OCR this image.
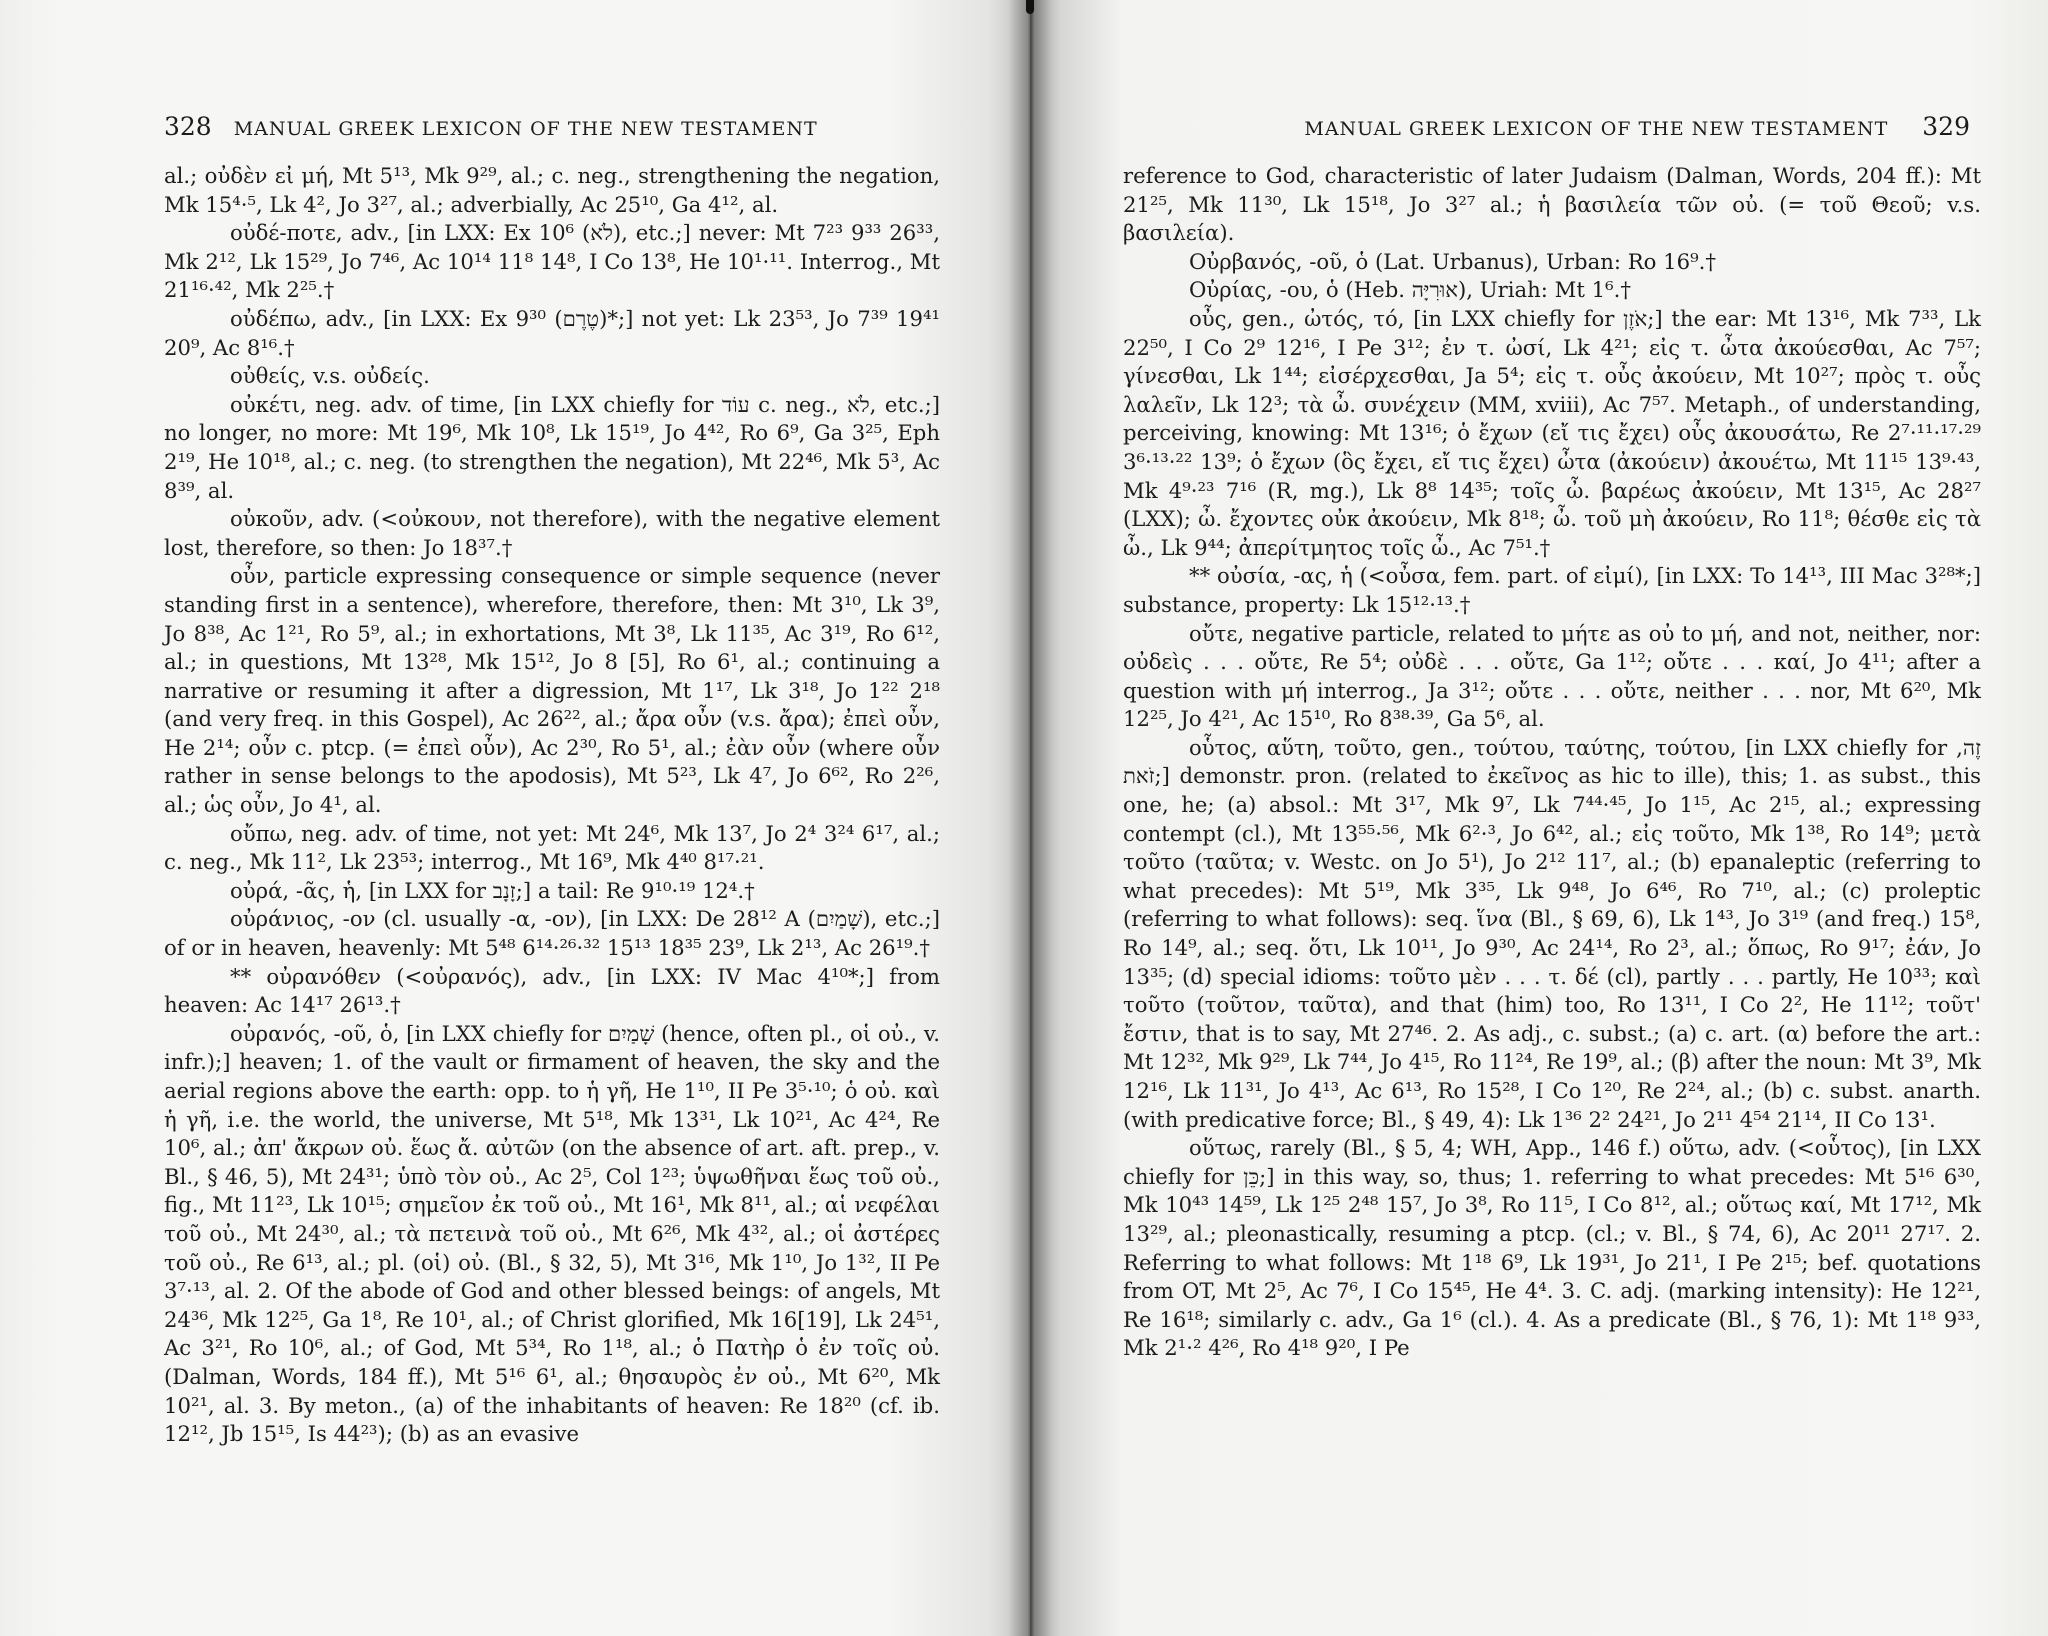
328 MANUAL GREEK LEXICON OF THE NEW TESTAMENT

al.; οὐδὲν εἰ μή, Mt 5¹³, Mk 9²⁹, al.; c. neg., strengthening the negation, Mk 15⁴·⁵, Lk 4², Jo 3²⁷, al.; adverbially, Ac 25¹⁰, Ga 4¹², al.

οὐδέ-ποτε, adv., [in LXX: Ex 10⁶ (לֹא), etc.;] never: Mt 7²³ 9³³ 26³³, Mk 2¹², Lk 15²⁹, Jo 7⁴⁶, Ac 10¹⁴ 11⁸ 14⁸, I Co 13⁸, He 10¹·¹¹. Interrog., Mt 21¹⁶·⁴², Mk 2²⁵.†

οὐδέπω, adv., [in LXX: Ex 9³⁰ (טֶרֶם)*;] not yet: Lk 23⁵³, Jo 7³⁹ 19⁴¹ 20⁹, Ac 8¹⁶.†

οὐθείς, v.s. οὐδείς.

οὐκέτι, neg. adv. of time, [in LXX chiefly for עוֹד c. neg., לֹא, etc.;] no longer, no more: Mt 19⁶, Mk 10⁸, Lk 15¹⁹, Jo 4⁴², Ro 6⁹, Ga 3²⁵, Eph 2¹⁹, He 10¹⁸, al.; c. neg. (to strengthen the negation), Mt 22⁴⁶, Mk 5³, Ac 8³⁹, al.

οὐκοῦν, adv. (<οὐκουν, not therefore), with the negative element lost, therefore, so then: Jo 18³⁷.†

οὖν, particle expressing consequence or simple sequence (never standing first in a sentence), wherefore, therefore, then: Mt 3¹⁰, Lk 3⁹, Jo 8³⁸, Ac 1²¹, Ro 5⁹, al.; in exhortations, Mt 3⁸, Lk 11³⁵, Ac 3¹⁹, Ro 6¹², al.; in questions, Mt 13²⁸, Mk 15¹², Jo 8 [5], Ro 6¹, al.; continuing a narrative or resuming it after a digression, Mt 1¹⁷, Lk 3¹⁸, Jo 1²² 2¹⁸ (and very freq. in this Gospel), Ac 26²², al.; ἄρα οὖν (v.s. ἄρα); ἐπεὶ οὖν, He 2¹⁴; οὖν c. ptcp. (= ἐπεὶ οὖν), Ac 2³⁰, Ro 5¹, al.; ἐὰν οὖν (where οὖν rather in sense belongs to the apodosis), Mt 5²³, Lk 4⁷, Jo 6⁶², Ro 2²⁶, al.; ὡς οὖν, Jo 4¹, al.

οὔπω, neg. adv. of time, not yet: Mt 24⁶, Mk 13⁷, Jo 2⁴ 3²⁴ 6¹⁷, al.; c. neg., Mk 11², Lk 23⁵³; interrog., Mt 16⁹, Mk 4⁴⁰ 8¹⁷·²¹.

οὐρά, -ᾶς, ἡ, [in LXX for זָנָב;] a tail: Re 9¹⁰·¹⁹ 12⁴.†

οὐράνιος, -ον (cl. usually -α, -ον), [in LXX: De 28¹² A (שָׁמַיִם), etc.;] of or in heaven, heavenly: Mt 5⁴⁸ 6¹⁴·²⁶·³² 15¹³ 18³⁵ 23⁹, Lk 2¹³, Ac 26¹⁹.†

** οὐρανόθεν (<οὐρανός), adv., [in LXX: IV Mac 4¹⁰*;] from heaven: Ac 14¹⁷ 26¹³.†

οὐρανός, -οῦ, ὁ, [in LXX chiefly for שָׁמַיִם (hence, often pl., οἱ οὐ., v. infr.);] heaven; 1. of the vault or firmament of heaven, the sky and the aerial regions above the earth: opp. to ἡ γῆ, He 1¹⁰, II Pe 3⁵·¹⁰; ὁ οὐ. καὶ ἡ γῆ, i.e. the world, the universe, Mt 5¹⁸, Mk 13³¹, Lk 10²¹, Ac 4²⁴, Re 10⁶, al.; ἀπ' ἄκρων οὐ. ἕως ἄ. αὐτῶν (on the absence of art. aft. prep., v. Bl., § 46, 5), Mt 24³¹; ὑπὸ τὸν οὐ., Ac 2⁵, Col 1²³; ὑψωθῆναι ἕως τοῦ οὐ., fig., Mt 11²³, Lk 10¹⁵; σημεῖον ἐκ τοῦ οὐ., Mt 16¹, Mk 8¹¹, al.; αἱ νεφέλαι τοῦ οὐ., Mt 24³⁰, al.; τὰ πετεινὰ τοῦ οὐ., Mt 6²⁶, Mk 4³², al.; οἱ ἀστέρες τοῦ οὐ., Re 6¹³, al.; pl. (οἱ) οὐ. (Bl., § 32, 5), Mt 3¹⁶, Mk 1¹⁰, Jo 1³², II Pe 3⁷·¹³, al. 2. Of the abode of God and other blessed beings: of angels, Mt 24³⁶, Mk 12²⁵, Ga 1⁸, Re 10¹, al.; of Christ glorified, Mk 16[19], Lk 24⁵¹, Ac 3²¹, Ro 10⁶, al.; of God, Mt 5³⁴, Ro 1¹⁸, al.; ὁ Πατὴρ ὁ ἐν τοῖς οὐ. (Dalman, Words, 184 ff.), Mt 5¹⁶ 6¹, al.; θησαυρὸς ἐν οὐ., Mt 6²⁰, Mk 10²¹, al. 3. By meton., (a) of the inhabitants of heaven: Re 18²⁰ (cf. ib. 12¹², Jb 15¹⁵, Is 44²³); (b) as an evasive

MANUAL GREEK LEXICON OF THE NEW TESTAMENT 329

reference to God, characteristic of later Judaism (Dalman, Words, 204 ff.): Mt 21²⁵, Mk 11³⁰, Lk 15¹⁸, Jo 3²⁷ al.; ἡ βασιλεία τῶν οὐ. (= τοῦ Θεοῦ; v.s. βασιλεία).

Οὐρβανός, -οῦ, ὁ (Lat. Urbanus), Urban: Ro 16⁹.†

Οὐρίας, -ου, ὁ (Heb. אוּרִיָּה), Uriah: Mt 1⁶.†

οὖς, gen., ὠτός, τό, [in LXX chiefly for אֹזֶן;] the ear: Mt 13¹⁶, Mk 7³³, Lk 22⁵⁰, I Co 2⁹ 12¹⁶, I Pe 3¹²; ἐν τ. ὠσί, Lk 4²¹; εἰς τ. ὦτα ἀκούεσθαι, Ac 7⁵⁷; γίνεσθαι, Lk 1⁴⁴; εἰσέρχεσθαι, Ja 5⁴; εἰς τ. οὖς ἀκούειν, Mt 10²⁷; πρὸς τ. οὖς λαλεῖν, Lk 12³; τὰ ὦ. συνέχειν (MM, xviii), Ac 7⁵⁷. Metaph., of understanding, perceiving, knowing: Mt 13¹⁶; ὁ ἔχων (εἴ τις ἔχει) οὖς ἀκουσάτω, Re 2⁷·¹¹·¹⁷·²⁹ 3⁶·¹³·²² 13⁹; ὁ ἔχων (ὃς ἔχει, εἴ τις ἔχει) ὦτα (ἀκούειν) ἀκουέτω, Mt 11¹⁵ 13⁹·⁴³, Mk 4⁹·²³ 7¹⁶ (R, mg.), Lk 8⁸ 14³⁵; τοῖς ὦ. βαρέως ἀκούειν, Mt 13¹⁵, Ac 28²⁷ (LXX); ὦ. ἔχοντες οὐκ ἀκούειν, Mk 8¹⁸; ὦ. τοῦ μὴ ἀκούειν, Ro 11⁸; θέσθε εἰς τὰ ὦ., Lk 9⁴⁴; ἀπερίτμητος τοῖς ὦ., Ac 7⁵¹.†

** οὐσία, -ας, ἡ (<οὖσα, fem. part. of εἰμί), [in LXX: To 14¹³, III Mac 3²⁸*;] substance, property: Lk 15¹²·¹³.†

οὔτε, negative particle, related to μήτε as οὐ to μή, and not, neither, nor: οὐδεὶς . . . οὔτε, Re 5⁴; οὐδὲ . . . οὔτε, Ga 1¹²; οὔτε . . . καί, Jo 4¹¹; after a question with μή interrog., Ja 3¹²; οὔτε . . . οὔτε, neither . . . nor, Mt 6²⁰, Mk 12²⁵, Jo 4²¹, Ac 15¹⁰, Ro 8³⁸·³⁹, Ga 5⁶, al.

οὗτος, αὕτη, τοῦτο, gen., τούτου, ταύτης, τούτου, [in LXX chiefly for זֶה, זֹאת;] demonstr. pron. (related to ἐκεῖνος as hic to ille), this; 1. as subst., this one, he; (a) absol.: Mt 3¹⁷, Mk 9⁷, Lk 7⁴⁴·⁴⁵, Jo 1¹⁵, Ac 2¹⁵, al.; expressing contempt (cl.), Mt 13⁵⁵·⁵⁶, Mk 6²·³, Jo 6⁴², al.; εἰς τοῦτο, Mk 1³⁸, Ro 14⁹; μετὰ τοῦτο (ταῦτα; v. Westc. on Jo 5¹), Jo 2¹² 11⁷, al.; (b) epanaleptic (referring to what precedes): Mt 5¹⁹, Mk 3³⁵, Lk 9⁴⁸, Jo 6⁴⁶, Ro 7¹⁰, al.; (c) proleptic (referring to what follows): seq. ἵνα (Bl., § 69, 6), Lk 1⁴³, Jo 3¹⁹ (and freq.) 15⁸, Ro 14⁹, al.; seq. ὅτι, Lk 10¹¹, Jo 9³⁰, Ac 24¹⁴, Ro 2³, al.; ὅπως, Ro 9¹⁷; ἐάν, Jo 13³⁵; (d) special idioms: τοῦτο μὲν . . . τ. δέ (cl), partly . . . partly, He 10³³; καὶ τοῦτο (τοῦτον, ταῦτα), and that (him) too, Ro 13¹¹, I Co 2², He 11¹²; τοῦτ' ἔστιν, that is to say, Mt 27⁴⁶. 2. As adj., c. subst.; (a) c. art. (α) before the art.: Mt 12³², Mk 9²⁹, Lk 7⁴⁴, Jo 4¹⁵, Ro 11²⁴, Re 19⁹, al.; (β) after the noun: Mt 3⁹, Mk 12¹⁶, Lk 11³¹, Jo 4¹³, Ac 6¹³, Ro 15²⁸, I Co 1²⁰, Re 2²⁴, al.; (b) c. subst. anarth. (with predicative force; Bl., § 49, 4): Lk 1³⁶ 2² 24²¹, Jo 2¹¹ 4⁵⁴ 21¹⁴, II Co 13¹.

οὕτως, rarely (Bl., § 5, 4; WH, App., 146 f.) οὕτω, adv. (<οὗτος), [in LXX chiefly for כֵּן;] in this way, so, thus; 1. referring to what precedes: Mt 5¹⁶ 6³⁰, Mk 10⁴³ 14⁵⁹, Lk 1²⁵ 2⁴⁸ 15⁷, Jo 3⁸, Ro 11⁵, I Co 8¹², al.; οὕτως καί, Mt 17¹², Mk 13²⁹, al.; pleonastically, resuming a ptcp. (cl.; v. Bl., § 74, 6), Ac 20¹¹ 27¹⁷. 2. Referring to what follows: Mt 1¹⁸ 6⁹, Lk 19³¹, Jo 21¹, I Pe 2¹⁵; bef. quotations from OT, Mt 2⁵, Ac 7⁶, I Co 15⁴⁵, He 4⁴. 3. C. adj. (marking intensity): He 12²¹, Re 16¹⁸; similarly c. adv., Ga 1⁶ (cl.). 4. As a predicate (Bl., § 76, 1): Mt 1¹⁸ 9³³, Mk 2¹·² 4²⁶, Ro 4¹⁸ 9²⁰, I Pe
